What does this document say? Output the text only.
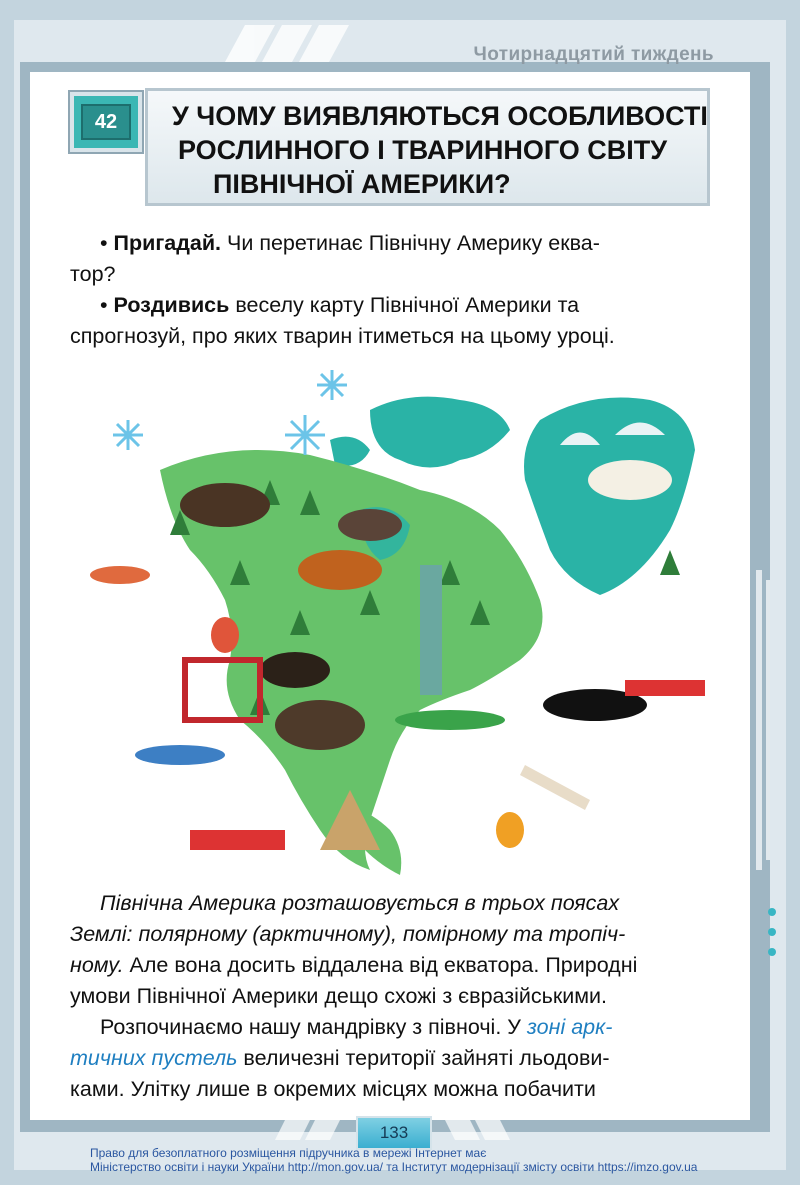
Чотирнадцятий тиждень
42	У ЧОМУ ВИЯВЛЯЮТЬСЯ ОСОБЛИВОСТІ
РОСЛИННОГО І ТВАРИННОГО СВІТУ
ПІВНІЧНОЇ АМЕРИКИ?
• Пригадай. Чи перетинає Північну Америку еква-
тор?
• Роздивись веселу карту Північної Америки та
спрогнозуй, про яких тварин ітиметься на цьому уроці.
Північна Америка розташовується в трьох поясах
Землі: полярному (арктичному), помірному та тропіч-
ному. Але вона досить віддалена від екватора. Природні
умови Північної Америки дещо схожі з євразійськими.
Розпочинаємо нашу мандрівку з півночі. У зоні арк-
тичних пустель величезні території зайняті льодови-
ками. Улітку лише в окремих місцях можна побачити
133
Право для безоплатного розміщення підручника в мережі Інтернет має
Міністерство освіти і науки України http://mon.gov.ua/ та Інститут модернізації змісту освіти https://imzo.gov.ua
